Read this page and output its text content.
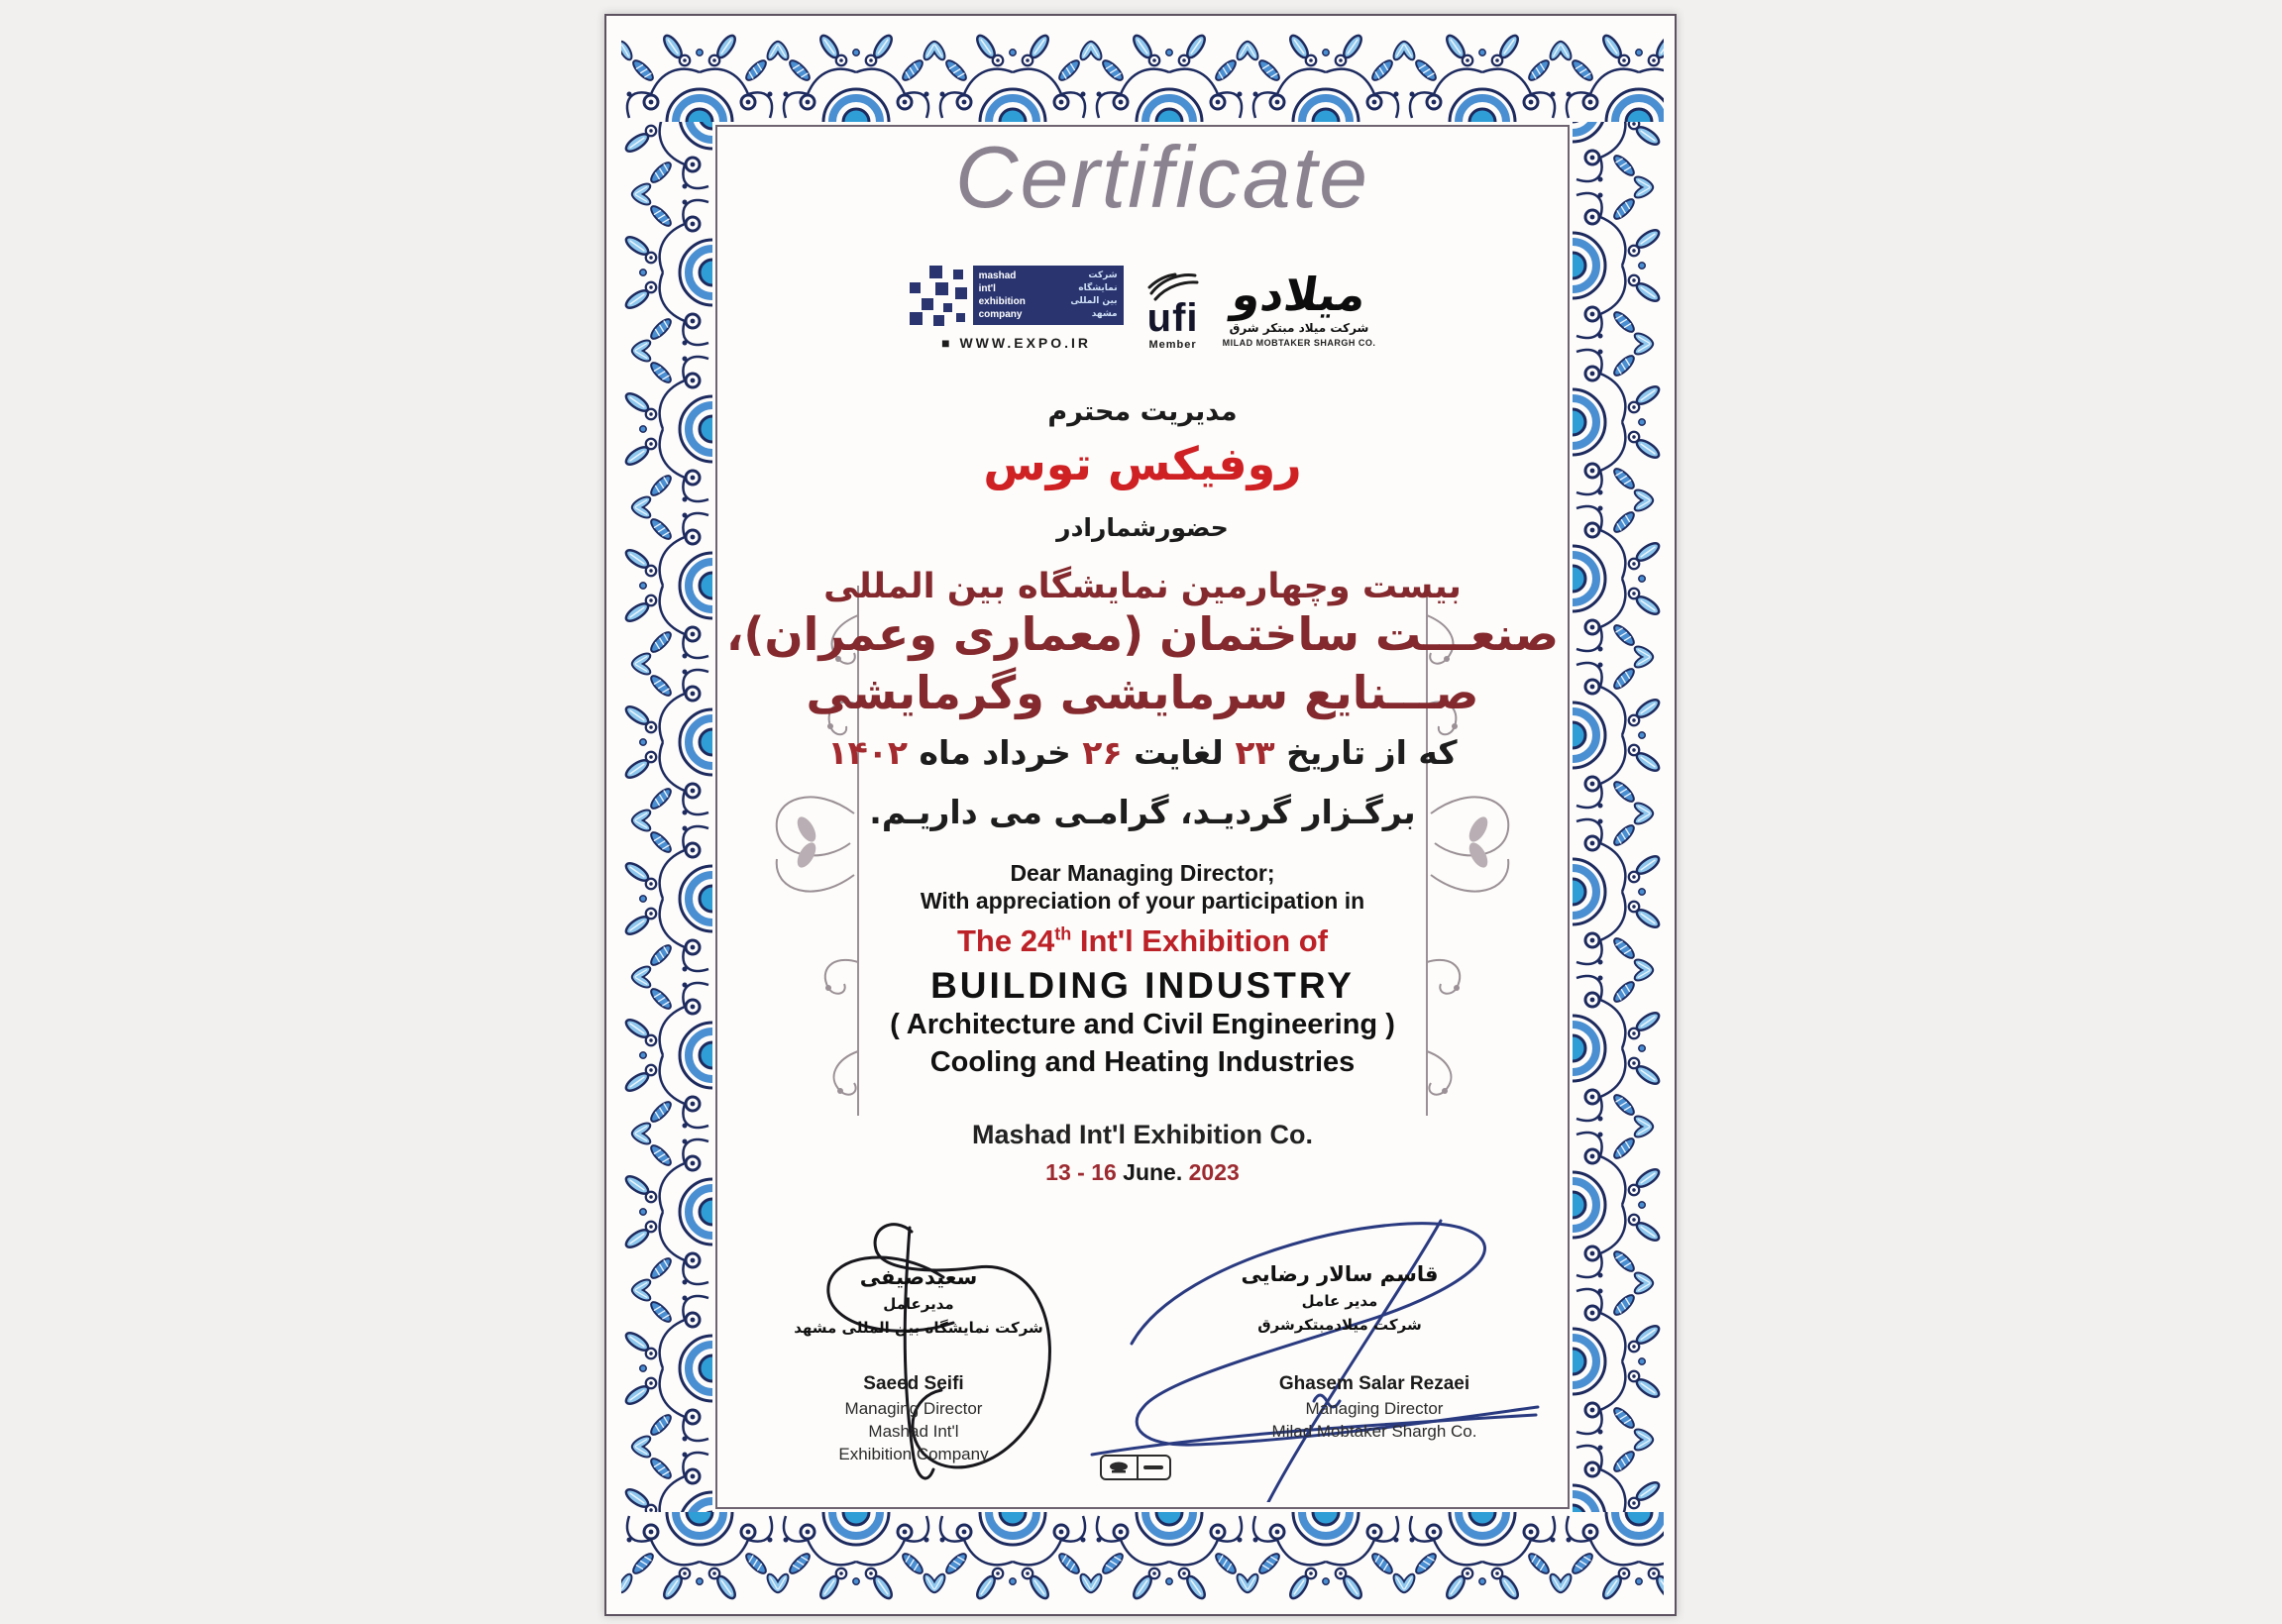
Certificate
mashad	شرکت
int'l	نمایشگاه
exhibition	بین المللی
company	مشهد
■ WWW.EXPO.IR
ufi
Member
میلادو
شرکت میلاد مبتکر شرق
MILAD MOBTAKER SHARGH CO.
مدیریت محترم
روفیکس توس
حضورشمارادر
بیست وچهارمین نمایشگاه بین المللی
صنعـــت ساختمان (معماری وعمران)،
صـــنایع سرمایشی وگرمایشی
که از تاریخ ۲۳ لغایت ۲۶ خرداد ماه ۱۴۰۲
برگـزار گردیـد، گرامـی می داریـم.
Dear Managing Director;
With appreciation of your participation in
The 24th Int'l Exhibition of
BUILDING INDUSTRY
( Architecture and Civil Engineering )
Cooling and Heating Industries
Mashad Int'l Exhibition Co.
13 - 16 June. 2023
سعیدصیفی
مدیرعامل
شرکت نمایشگاه بین المللی مشهد
Saeed Seifi
Managing Director
Mashad Int'l
Exhibition Company
قاسم سالار رضایی
مدیر عامل
شرکت میلادمبتکرشرق
Ghasem Salar Rezaei
Managing Director
Milad Mobtaker Shargh Co.
